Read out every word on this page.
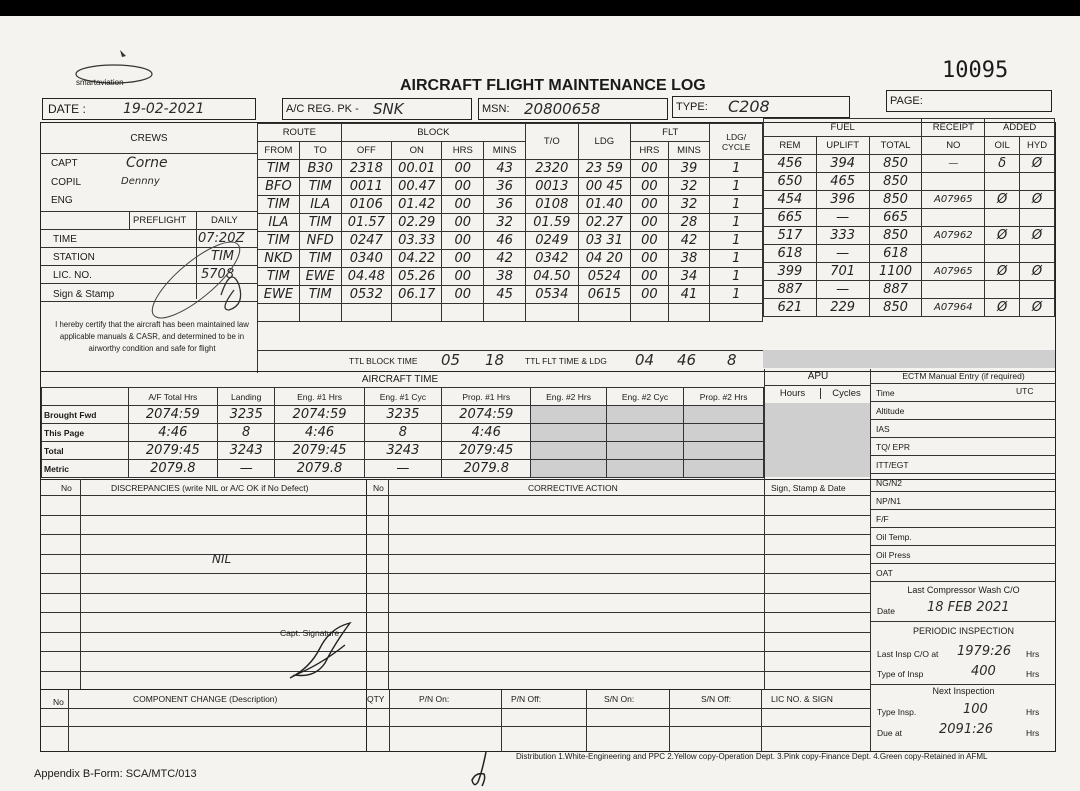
smartaviation	AIRCRAFT FLIGHT MAINTENANCE LOG
10095
DATE :	19-02-2021	A/C REG. PK - SNK	MSN: 20800658	TYPE: C208	PAGE:
CREWS
CAPT	Corne
COPIL	Dennny
ENG
PREFLIGHT	DAILY
TIME	07:20Z
STATION	TIM
LIC. NO.	5708
Sign & Stamp
I hereby certify that the aircraft has been maintained law applicable manuals & CASR, and determined to be in airworthy condition and safe for flight
ROUTE		BLOCK				T/O	LDG	FLT		LDG/ CYCLE
FROM	TO	OFF	ON	HRS	MINS			HRS	MINS	
TIM	B30	2318	00.01	00	43	2320	23 59	00	39	1
BFO	TIM	0011	00.47	00	36	0013	00 45	00	32	1
TIM	ILA	0106	01.42	00	36	0108	01.40	00	32	1
ILA	TIM	01.57	02.29	00	32	01.59	02.27	00	28	1
TIM	NFD	0247	03.33	00	46	0249	03 31	00	42	1
NKD	TIM	0340	04.22	00	42	0342	04 20	00	38	1
TIM	EWE	04.48	05.26	00	38	04.50	0524	00	34	1
EWE	TIM	0532	06.17	00	45	0534	0615	00	41	1

FUEL			RECEIPT	ADDED	
REM	UPLIFT	TOTAL	NO	OIL	HYD
456	394	850	—	δ	Ø
650	465	850			
454	396	850	A07965	Ø	Ø
665	—	665			
517	333	850	A07962	Ø	Ø
618	—	618			
399	701	1100	A07965	Ø	Ø
887	—	887			
621	229	850	A07964	Ø	Ø
TTL BLOCK TIME 05 18 TTL FLT TIME & LDG 04 46 8
AIRCRAFT TIME
	A/F Total Hrs	Landing	Eng. #1 Hrs	Eng. #1 Cyc	Prop. #1 Hrs	Eng. #2 Hrs	Eng. #2 Cyc	Prop. #2 Hrs
Brought Fwd	2074:59	3235	2074:59	3235	2074:59			
This Page	4:46	8	4:46	8	4:46			
Total	2079:45	3243	2079:45	3243	2079:45			
Metric	2079.8	—	2079.8	—	2079.8			
APU
Hours	Cycles
ECTM Manual Entry (if required)
UTC
Time
Altitude
IAS
TQ/ EPR
ITT/EGT
NG/N2
NP/N1
F/F
Oil Temp.
Oil Press
OAT
No	DISCREPANCIES (write NIL or A/C OK if No Defect)	No	CORRECTIVE ACTION	Sign, Stamp & Date
NIL
Capt. Signature
Last Compressor Wash C/O
Date 18 FEB 2021
PERIODIC INSPECTION
Last Insp C/O at 1979:26 Hrs
Type of Insp	400	Hrs
Next Inspection
Type Insp.	100	Hrs
Due at	2091:26	Hrs
No	COMPONENT CHANGE (Description)	QTY	P/N On:	P/N Off:	S/N On:	S/N Off:	LIC NO. & SIGN
Appendix B-Form: SCA/MTC/013
Distribution 1.White-Engineering and PPC 2.Yellow copy-Operation Dept. 3.Pink copy-Finance Dept. 4.Green copy-Retained in AFML
